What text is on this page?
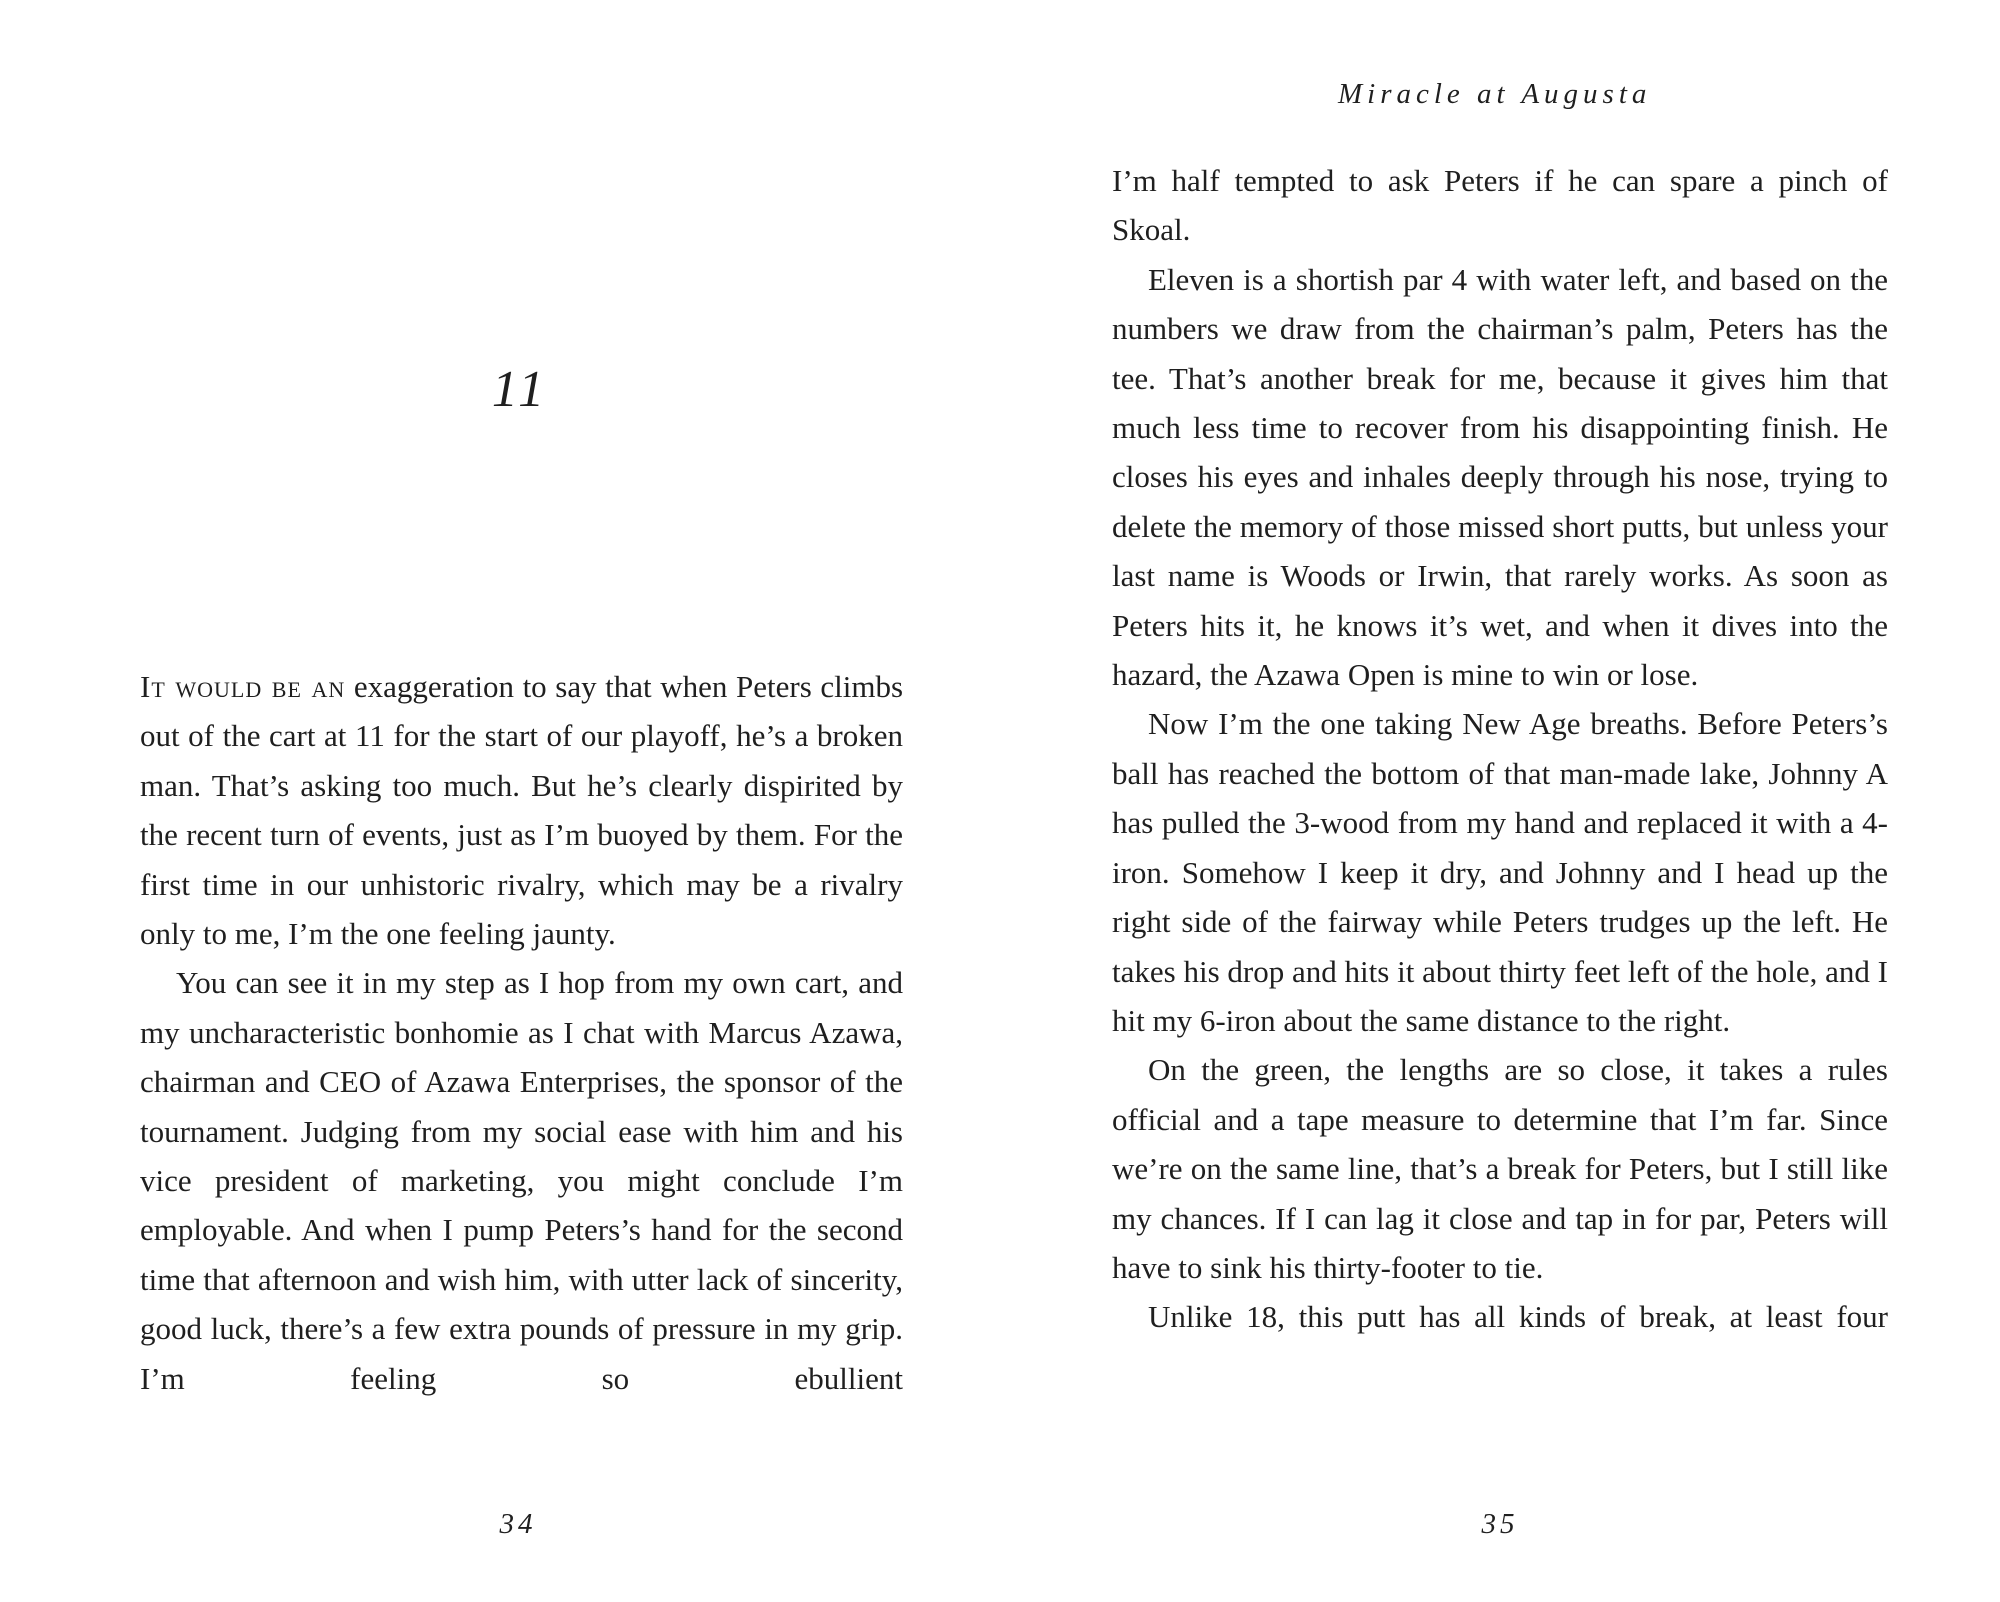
11

It would be an exaggeration to say that when Peters climbs out of the cart at 11 for the start of our playoff, he’s a broken man. That’s asking too much. But he’s clearly dispirited by the recent turn of events, just as I’m buoyed by them. For the first time in our unhistoric rivalry, which may be a rivalry only to me, I’m the one feeling jaunty.

You can see it in my step as I hop from my own cart, and my uncharacteristic bonhomie as I chat with Marcus Azawa, chairman and CEO of Azawa Enterprises, the sponsor of the tournament. Judging from my social ease with him and his vice president of marketing, you might conclude I’m employable. And when I pump Peters’s hand for the second time that afternoon and wish him, with utter lack of sincerity, good luck, there’s a few extra pounds of pressure in my grip. I’m feeling so ebullient

34
Miracle at Augusta

I’m half tempted to ask Peters if he can spare a pinch of Skoal.

Eleven is a shortish par 4 with water left, and based on the numbers we draw from the chairman’s palm, Peters has the tee. That’s another break for me, because it gives him that much less time to recover from his disappointing finish. He closes his eyes and inhales deeply through his nose, trying to delete the memory of those missed short putts, but unless your last name is Woods or Irwin, that rarely works. As soon as Peters hits it, he knows it’s wet, and when it dives into the hazard, the Azawa Open is mine to win or lose.

Now I’m the one taking New Age breaths. Before Peters’s ball has reached the bottom of that man-made lake, Johnny A has pulled the 3-wood from my hand and replaced it with a 4-iron. Somehow I keep it dry, and Johnny and I head up the right side of the fairway while Peters trudges up the left. He takes his drop and hits it about thirty feet left of the hole, and I hit my 6-iron about the same distance to the right.

On the green, the lengths are so close, it takes a rules official and a tape measure to determine that I’m far. Since we’re on the same line, that’s a break for Peters, but I still like my chances. If I can lag it close and tap in for par, Peters will have to sink his thirty-footer to tie.

Unlike 18, this putt has all kinds of break, at least four

35
